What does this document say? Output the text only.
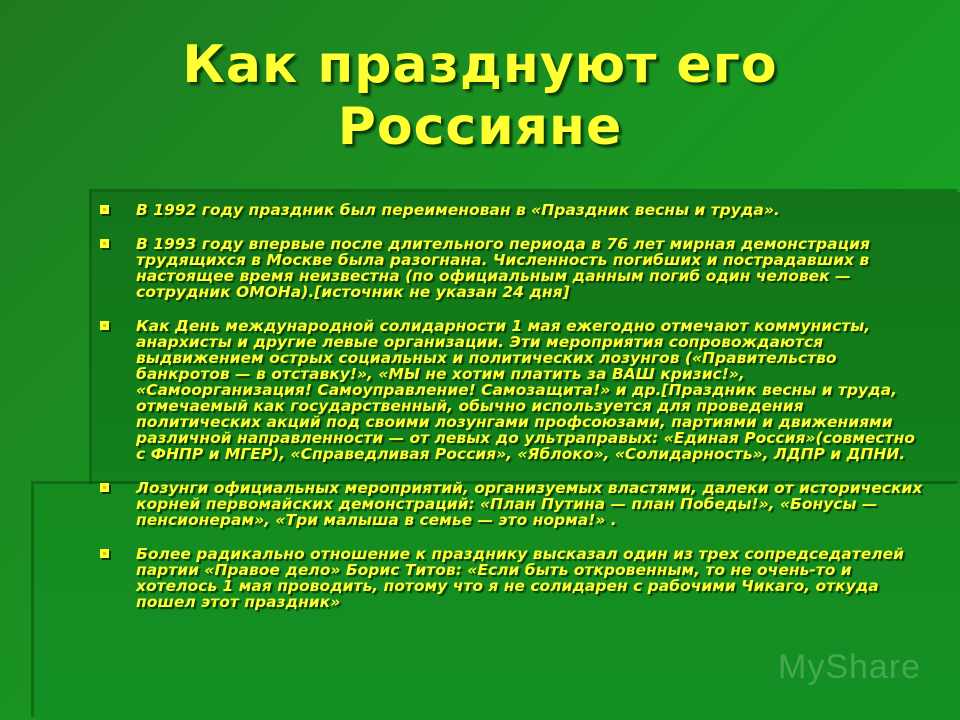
Как празднуют его
Россияне
В 1992 году праздник был переименован в «Праздник весны и труда».
В 1993 году впервые после длительного периода в 76 лет мирная демонстрация трудящихся в Москве была разогнана. Численность погибших и пострадавших в настоящее время неизвестна (по официальным данным погиб один человек — сотрудник ОМОНа).[источник не указан 24 дня]
Как День международной солидарности 1 мая ежегодно отмечают коммунисты, анархисты и другие левые организации. Эти мероприятия сопровождаются выдвижением острых социальных и политических лозунгов («Правительство банкротов — в отставку!», «МЫ не хотим платить за ВАШ кризис!», «Самоорганизация! Самоуправление! Самозащита!» и др.[Праздник весны и труда, отмечаемый как государственный, обычно используется для проведения политических акций под своими лозунгами профсоюзами, партиями и движениями различной направленности — от левых до ультраправых: «Единая Россия»(совместно с ФНПР и МГЕР), «Справедливая Россия», «Яблоко», «Солидарность», ЛДПР и ДПНИ.
Лозунги официальных мероприятий, организуемых властями, далеки от исторических корней первомайских демонстраций: «План Путина — план Победы!», «Бонусы — пенсионерам», «Три малыша в семье — это норма!» .
Более радикально отношение к празднику высказал один из трех сопредседателей партии «Правое дело» Борис Титов: «Если быть откровенным, то не очень-то и хотелось 1 мая проводить, потому что я не солидарен с рабочими Чикаго, откуда пошел этот праздник»
MyShare
